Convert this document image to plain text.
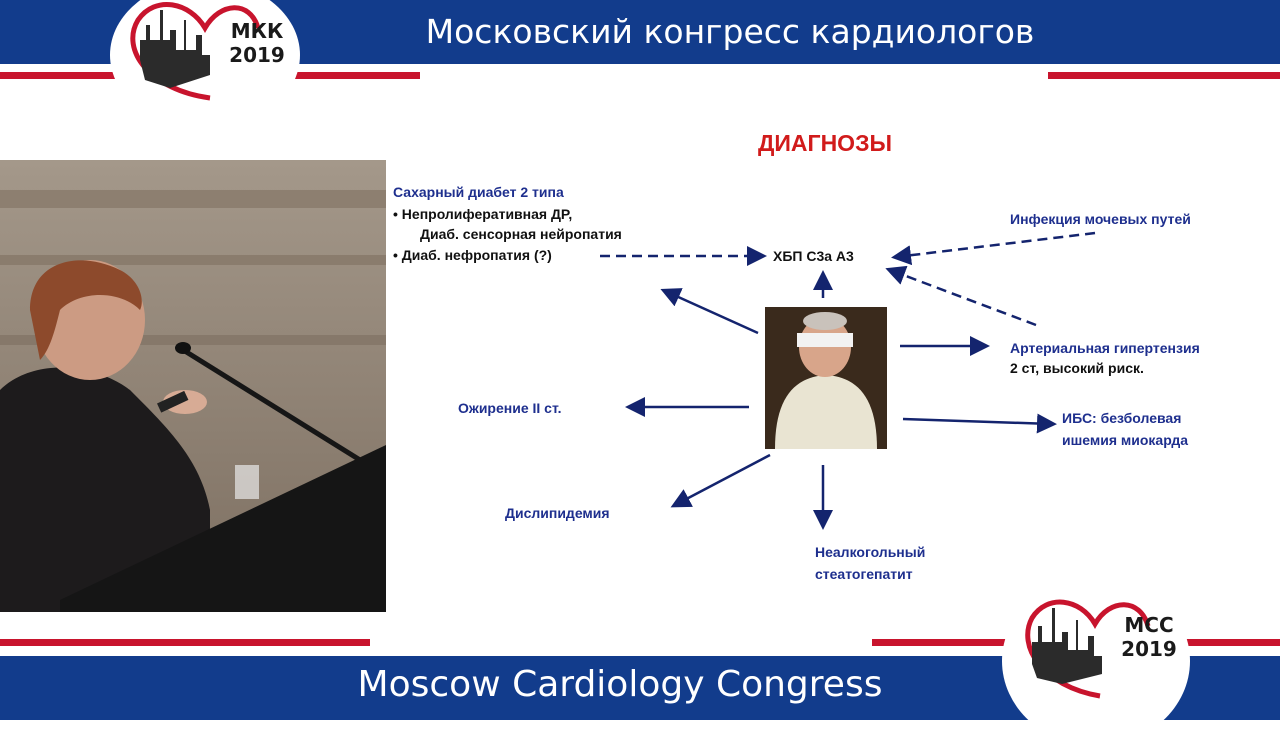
Московский конгресс кардиологов
МКК
2019
ДИАГНОЗЫ
Сахарный диабет 2 типа
• Непролиферативная ДР,
Диаб. сенсорная нейропатия
• Диаб. нефропатия (?)	ХБП С3а А3
Инфекция мочевых путей
Артериальная гипертензия
2 ст, высокий риск.
ИБС: безболевая
ишемия миокарда
Ожирение II ст.
Дислипидемия
Неалкогольный
стеатогепатит
Moscow Cardiology Congress
MCC
2019
